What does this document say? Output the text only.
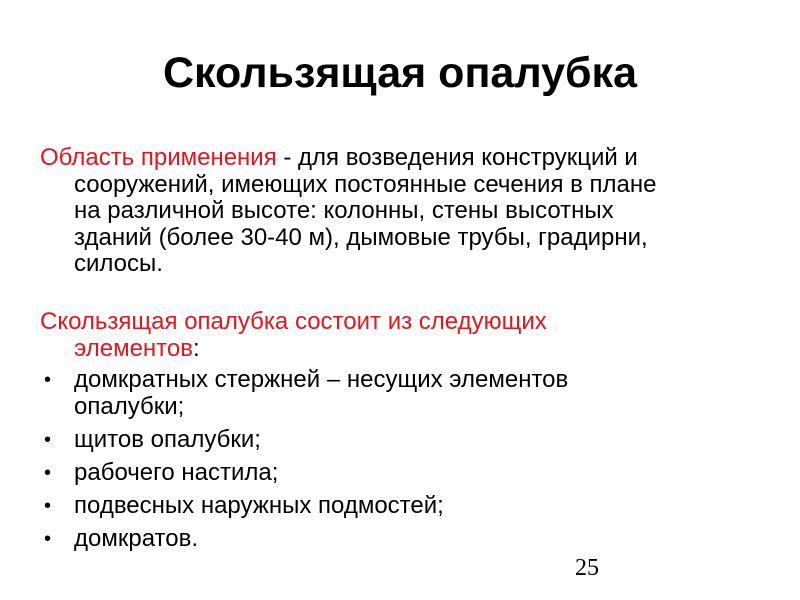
Скользящая опалубка

Область применения - для возведения конструкций и
сооружений, имеющих постоянные сечения в плане
на различной высоте: колонны, стены высотных
зданий (более 30-40 м), дымовые трубы, градирни,
силосы.

Скользящая опалубка состоит из следующих
элементов:

• домкратных стержней – несущих элементов
опалубки;
• щитов опалубки;
• рабочего настила;
• подвесных наружных подмостей;
• домкратов.
25
